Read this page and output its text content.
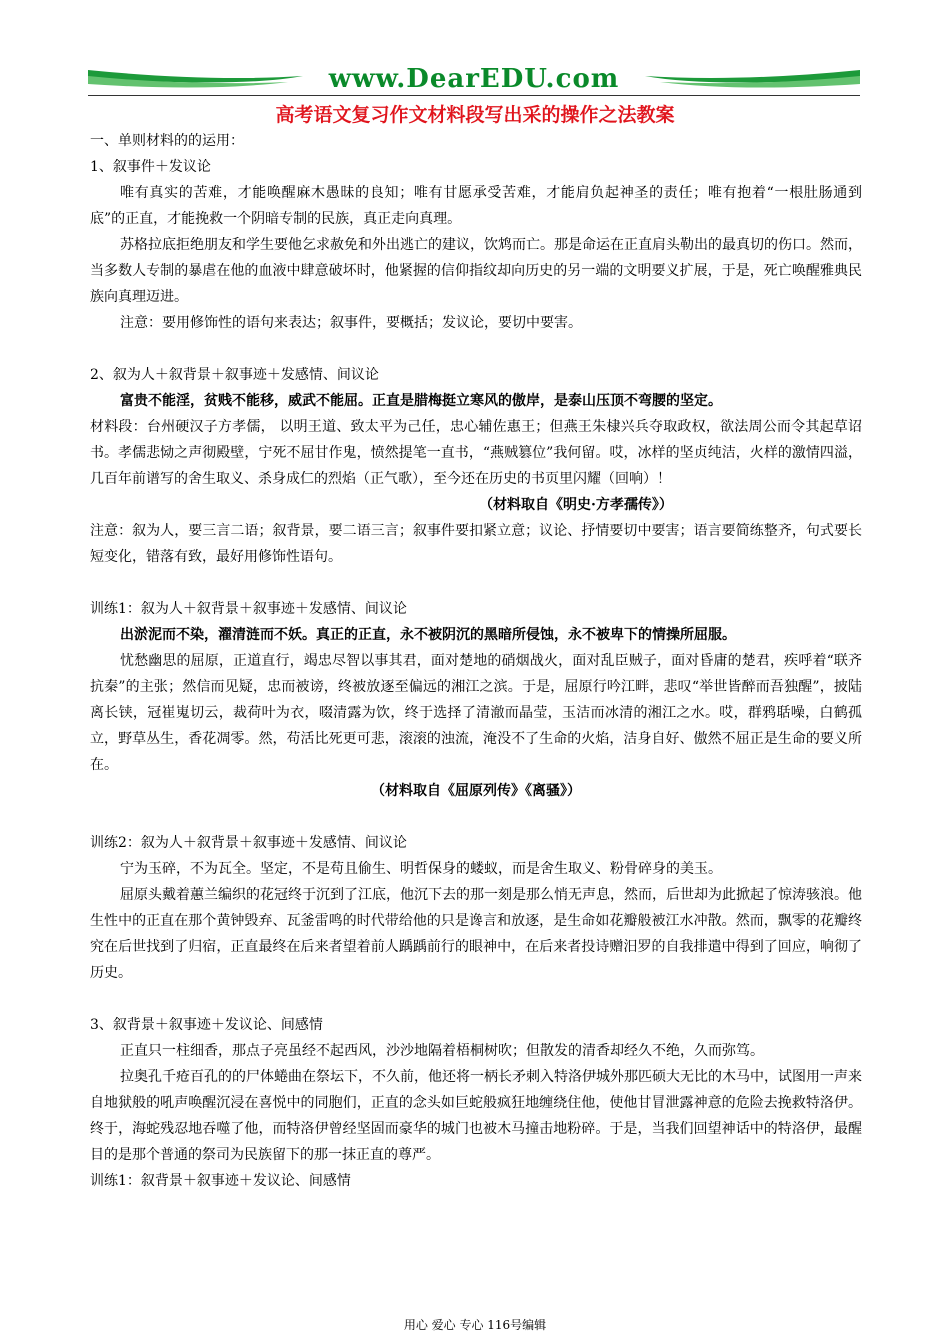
www.DearEDU.com
高考语文复习作文材料段写出采的操作之法教案

一、单则材料的的运用：

1、叙事件＋发议论

唯有真实的苦难，才能唤醒麻木愚昧的良知；唯有甘愿承受苦难，才能肩负起神圣的责任；唯有抱着“一根肚肠通到底”的正直，才能挽救一个阴暗专制的民族，真正走向真理。

苏格拉底拒绝朋友和学生要他乞求赦免和外出逃亡的建议，饮鸩而亡。那是命运在正直肩头勒出的最真切的伤口。然而，当多数人专制的暴虐在他的血液中肆意破坏时，他紧握的信仰指纹却向历史的另一端的文明要义扩展，于是，死亡唤醒雅典民族向真理迈进。

注意：要用修饰性的语句来表达；叙事件，要概括；发议论，要切中要害。

2、叙为人＋叙背景＋叙事迹＋发感情、间议论

富贵不能淫，贫贱不能移，威武不能屈。正直是腊梅挺立寒风的傲岸，是泰山压顶不弯腰的坚定。

材料段：台州硬汉子方孝儒， 以明王道、致太平为己任，忠心辅佐惠王；但燕王朱棣兴兵夺取政权，欲法周公而令其起草诏书。孝儒悲恸之声彻殿壁，宁死不屈甘作鬼，愤然提笔一直书，“燕贼篡位”我何留。哎，冰样的坚贞纯洁，火样的激情四溢，几百年前谱写的舍生取义、杀身成仁的烈焰（正气歌），至今还在历史的书页里闪耀（回响）！

（材料取自《明史·方孝孺传》）

注意：叙为人，要三言二语；叙背景，要二语三言；叙事件要扣紧立意；议论、抒情要切中要害；语言要简练整齐，句式要长短变化，错落有致，最好用修饰性语句。

训练1：叙为人＋叙背景＋叙事迹＋发感情、间议论

出淤泥而不染，濯清涟而不妖。真正的正直，永不被阴沉的黑暗所侵蚀，永不被卑下的情操所屈服。

忧愁幽思的屈原，正道直行，竭忠尽智以事其君，面对楚地的硝烟战火，面对乱臣贼子，面对昏庸的楚君，疾呼着“联齐抗秦”的主张；然信而见疑，忠而被谤，终被放逐至偏远的湘江之滨。于是，屈原行吟江畔，悲叹“举世皆醉而吾独醒”，披陆离长铗，冠崔嵬切云，裁荷叶为衣，啜清露为饮，终于选择了清澈而晶莹，玉洁而冰清的湘江之水。哎，群鸦聒噪，白鹤孤立，野草丛生，香花凋零。然，苟活比死更可悲，滚滚的浊流，淹没不了生命的火焰，洁身自好、傲然不屈正是生命的要义所在。

（材料取自《屈原列传》《离骚》）

训练2：叙为人＋叙背景＋叙事迹＋发感情、间议论

宁为玉碎，不为瓦全。坚定，不是苟且偷生、明哲保身的蝼蚁，而是舍生取义、粉骨碎身的美玉。

屈原头戴着蕙兰编织的花冠终于沉到了江底，他沉下去的那一刻是那么悄无声息，然而，后世却为此掀起了惊涛骇浪。他生性中的正直在那个黄钟毁弃、瓦釜雷鸣的时代带给他的只是谗言和放逐，是生命如花瓣般被江水冲散。然而，飘零的花瓣终究在后世找到了归宿，正直最终在后来者望着前人踽踽前行的眼神中，在后来者投诗赠汨罗的自我排遣中得到了回应，响彻了历史。

3、叙背景＋叙事迹＋发议论、间感情

正直只一柱细香，那点子亮虽经不起西风，沙沙地隔着梧桐树吹；但散发的清香却经久不绝，久而弥笃。

拉奥孔千疮百孔的的尸体蜷曲在祭坛下，不久前，他还将一柄长矛刺入特洛伊城外那匹硕大无比的木马中，试图用一声来自地狱般的吼声唤醒沉浸在喜悦中的同胞们，正直的念头如巨蛇般疯狂地缠绕住他，使他甘冒泄露神意的危险去挽救特洛伊。终于，海蛇残忍地吞噬了他，而特洛伊曾经坚固而豪华的城门也被木马撞击地粉碎。于是，当我们回望神话中的特洛伊，最醒目的是那个普通的祭司为民族留下的那一抹正直的尊严。

训练1：叙背景＋叙事迹＋发议论、间感情

用心 爱心 专心 116号编辑
